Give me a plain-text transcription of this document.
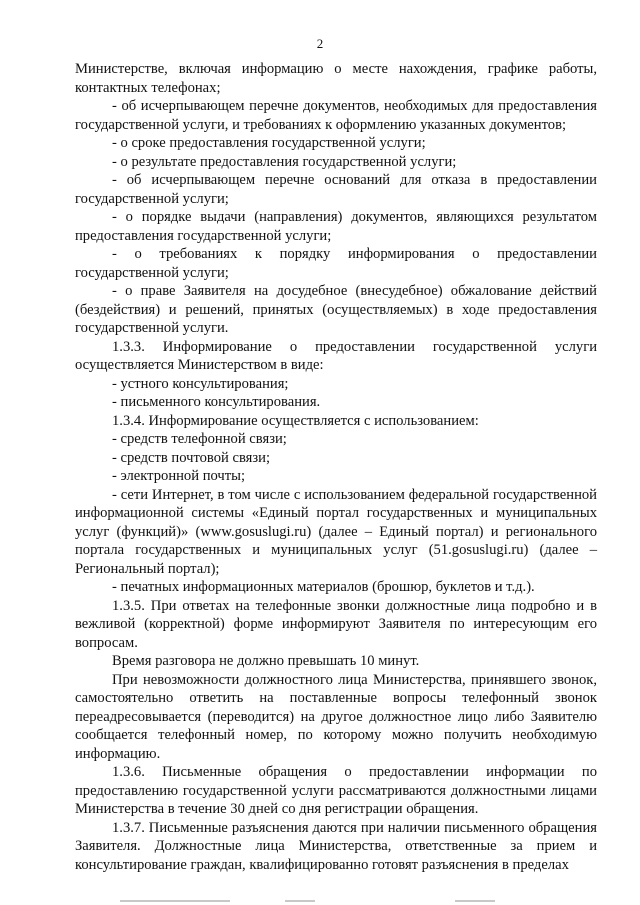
2

Министерстве, включая информацию о месте нахождения, графике работы, контактных телефонах;

- об исчерпывающем перечне документов, необходимых для предоставления государственной услуги, и требованиях к оформлению указанных документов;

- о сроке предоставления государственной услуги;

- о результате предоставления государственной услуги;

- об исчерпывающем перечне оснований для отказа в предоставлении государственной услуги;

- о порядке выдачи (направления) документов, являющихся результатом предоставления государственной услуги;

- о требованиях к порядку информирования о предоставлении государственной услуги;

- о праве Заявителя на досудебное (внесудебное) обжалование действий (бездействия) и решений, принятых (осуществляемых) в ходе предоставления государственной услуги.

1.3.3. Информирование о предоставлении государственной услуги осуществляется Министерством в виде:

- устного консультирования;

- письменного консультирования.

1.3.4. Информирование осуществляется с использованием:

- средств телефонной связи;

- средств почтовой связи;

- электронной почты;

- сети Интернет, в том числе с использованием федеральной государственной информационной системы «Единый портал государственных и муниципальных услуг (функций)» (www.gosuslugi.ru) (далее – Единый портал) и регионального портала государственных и муниципальных услуг (51.gosuslugi.ru) (далее – Региональный портал);

- печатных информационных материалов (брошюр, буклетов и т.д.).

1.3.5. При ответах на телефонные звонки должностные лица подробно и в вежливой (корректной) форме информируют Заявителя по интересующим его вопросам.

Время разговора не должно превышать 10 минут.

При невозможности должностного лица Министерства, принявшего звонок, самостоятельно ответить на поставленные вопросы телефонный звонок переадресовывается (переводится) на другое должностное лицо либо Заявителю сообщается телефонный номер, по которому можно получить необходимую информацию.

1.3.6. Письменные обращения о предоставлении информации по предоставлению государственной услуги рассматриваются должностными лицами Министерства в течение 30 дней со дня регистрации обращения.

1.3.7. Письменные разъяснения даются при наличии письменного обращения Заявителя. Должностные лица Министерства, ответственные за прием и консультирование граждан, квалифицированно готовят разъяснения в пределах
